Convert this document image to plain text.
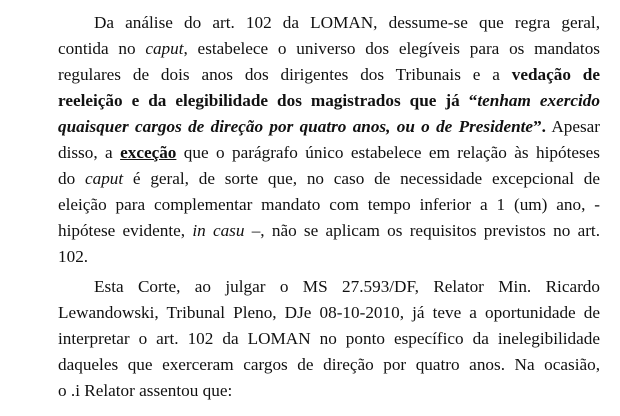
Da análise do art. 102 da LOMAN, dessume-se que regra geral,
contida no caput, estabelece o universo dos elegíveis para os mandatos
regulares de dois anos dos dirigentes dos Tribunais e a vedação de
reeleição e da elegibilidade dos magistrados que já “tenham exercido
quaisquer cargos de direção por quatro anos, ou o de Presidente”. Apesar
disso, a exceção que o parágrafo único estabelece em relação às hipóteses
do caput é geral, de sorte que, no caso de necessidade excepcional de
eleição para complementar mandato com tempo inferior a 1 (um) ano, -
hipótese evidente, in casu –, não se aplicam os requisitos previstos no art.
102.
Esta Corte, ao julgar o MS 27.593/DF, Relator Min. Ricardo
Lewandowski, Tribunal Pleno, DJe 08-10-2010, já teve a oportunidade de
interpretar o art. 102 da LOMAN no ponto específico da inelegibilidade
daqueles que exerceram cargos de direção por quatro anos. Na ocasião,
o .i Relator assentou que:
